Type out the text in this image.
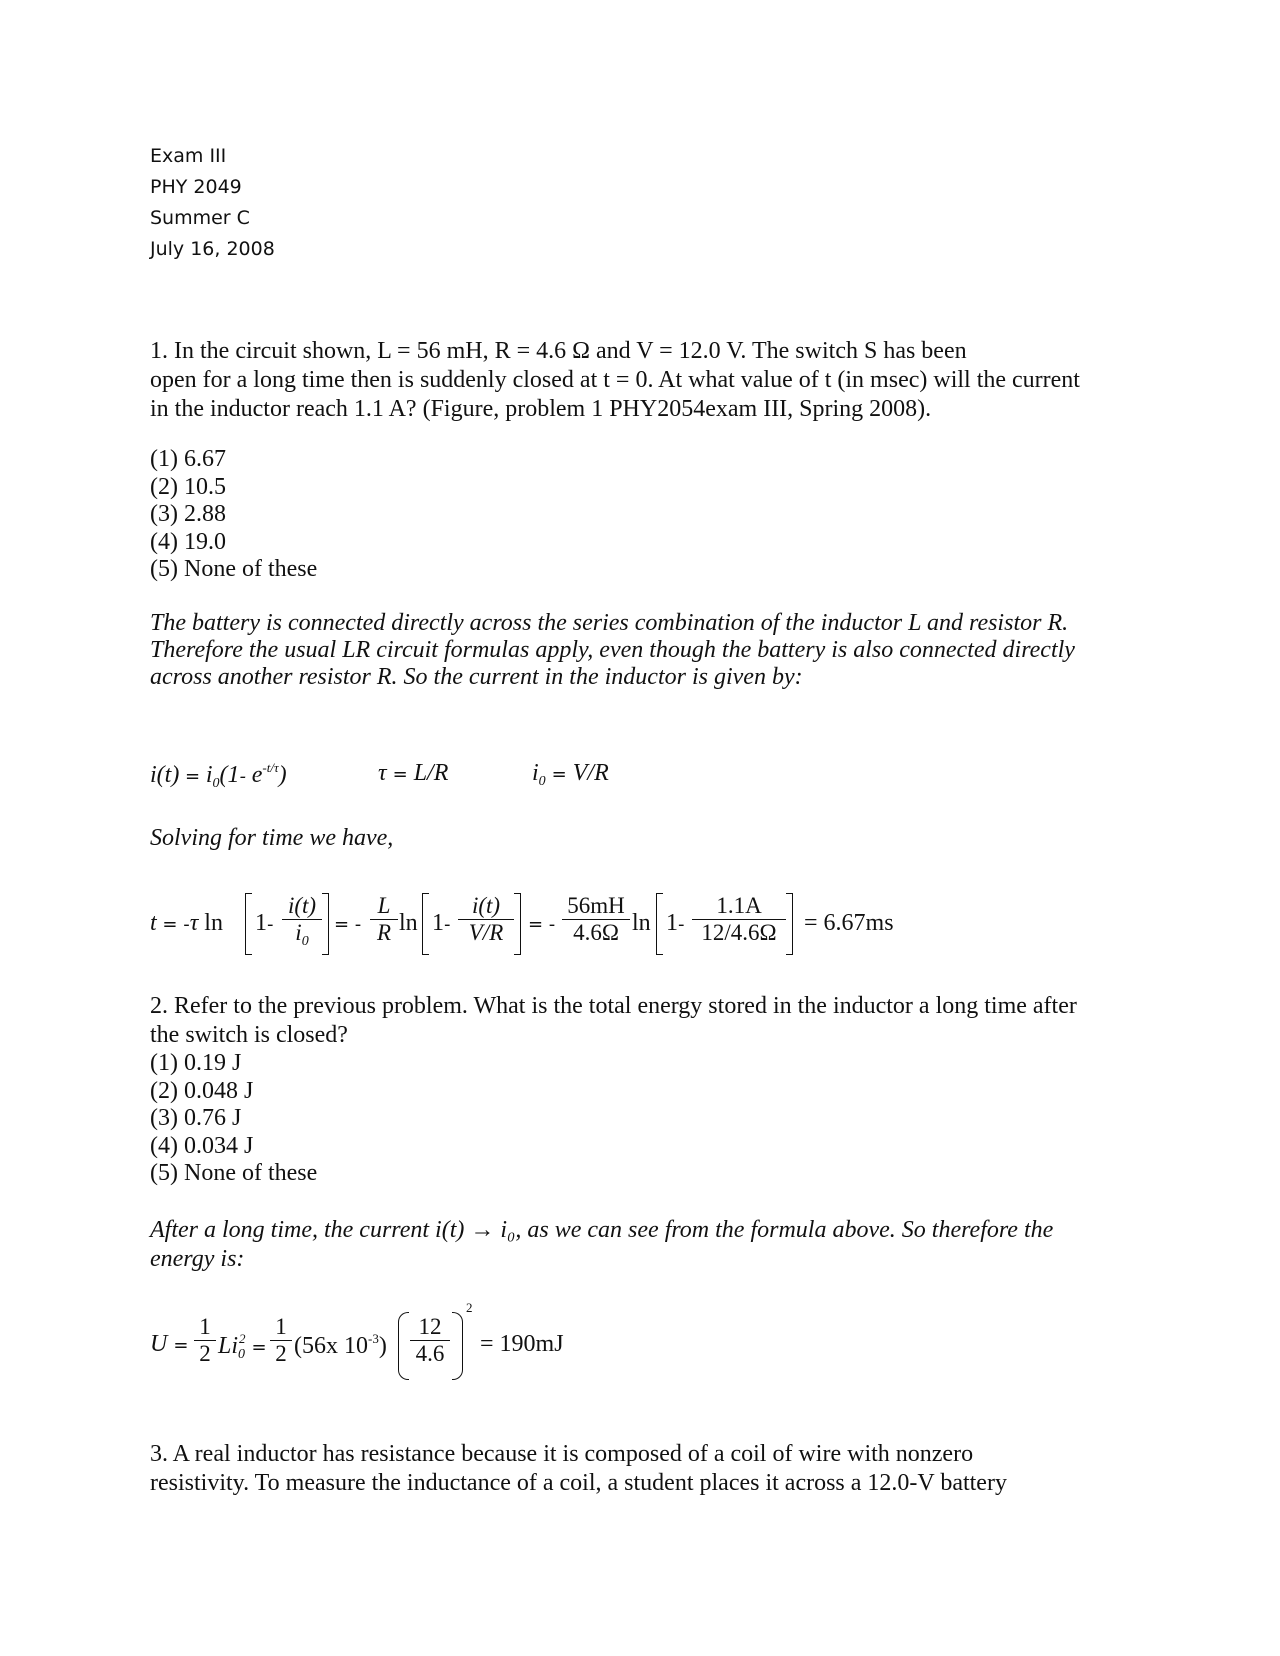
Exam III
PHY 2049
Summer C
July 16, 2008
1. In the circuit shown, L = 56 mH, R = 4.6 Ω and V = 12.0 V. The switch S has been
open for a long time then is suddenly closed at t = 0. At what value of t (in msec) will the current
in the inductor reach 1.1 A? (Figure, problem 1 PHY2054exam III, Spring 2008).
(1) 6.67
(2) 10.5
(3) 2.88
(4) 19.0
(5) None of these
The battery is connected directly across the series combination of the inductor L and resistor R.
Therefore the usual LR circuit formulas apply, even though the battery is also connected directly
across another resistor R. So the current in the inductor is given by:
$i(t) = i_0(1-$ $e^{-t/\tau}$)	τ = L/R	$i_0 = V/R$
Solving for time we have,
t = -τ $\ln 1- \frac{i(t)}{i_0}$ = - $\frac{L}{R}$ $\ln 1- \frac{i(t)}{V/R}$ = - $\frac{56mH}{4.6\Omega}$ $\ln 1- \frac{1.1A}{12/4.6\Omega} = 6.67ms$
2. Refer to the previous problem. What is the total energy stored in the inductor a long time after
the switch is closed?
(1) 0.19 J
(2) 0.048 J
(3) 0.76 J
(4) 0.034 J
(5) None of these
After a long time, the current i(t) → i₀, as we can see from the formula above. So therefore the
energy is:
$U = \frac{1}{2} Li_0^2 = \frac{1}{2} (56x$ $10^{-3}) \frac{12}{4.6}$
2
= 190mJ
3. A real inductor has resistance because it is composed of a coil of wire with nonzero
resistivity. To measure the inductance of a coil, a student places it across a 12.0-V battery
